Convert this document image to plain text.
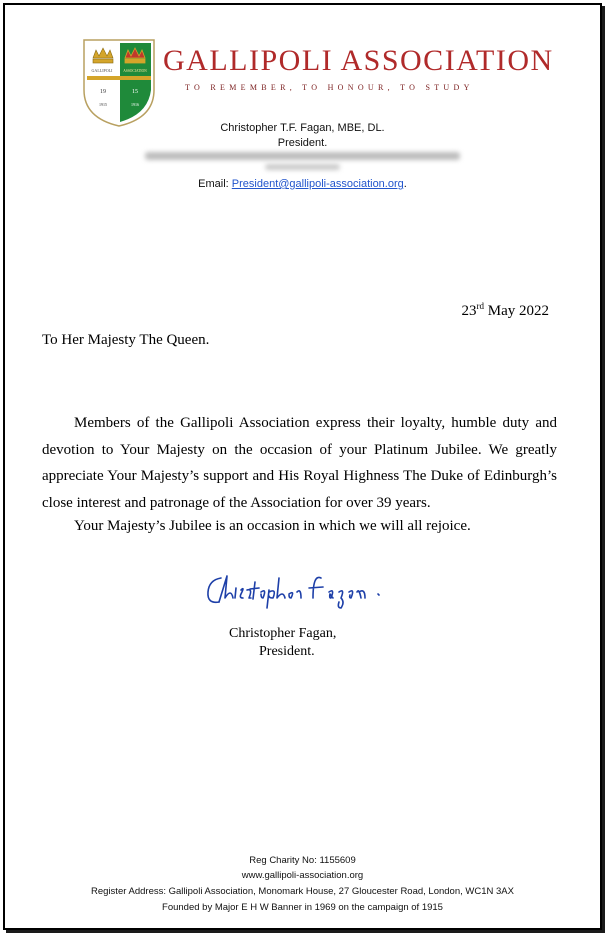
GALLIPOLI	ASSOCIATION
19	15
1915	1916
GALLIPOLI ASSOCIATION
TO REMEMBER, TO HONOUR, TO STUDY
Christopher T.F. Fagan, MBE, DL.
President.
Email: President@gallipoli-association.org.
23rd May 2022
To Her Majesty The Queen.
Members of the Gallipoli Association express their loyalty, humble duty and devotion to Your Majesty on the occasion of your Platinum Jubilee. We greatly appreciate Your Majesty’s support and His Royal Highness The Duke of Edinburgh’s close interest and patronage of the Association for over 39 years.
Your Majesty’s Jubilee is an occasion in which we will all rejoice.
Christopher Fagan,
President.
Reg Charity No: 1155609
www.gallipoli-association.org
Register Address: Gallipoli Association, Monomark House, 27 Gloucester Road, London, WC1N 3AX
Founded by Major E H W Banner in 1969 on the campaign of 1915
